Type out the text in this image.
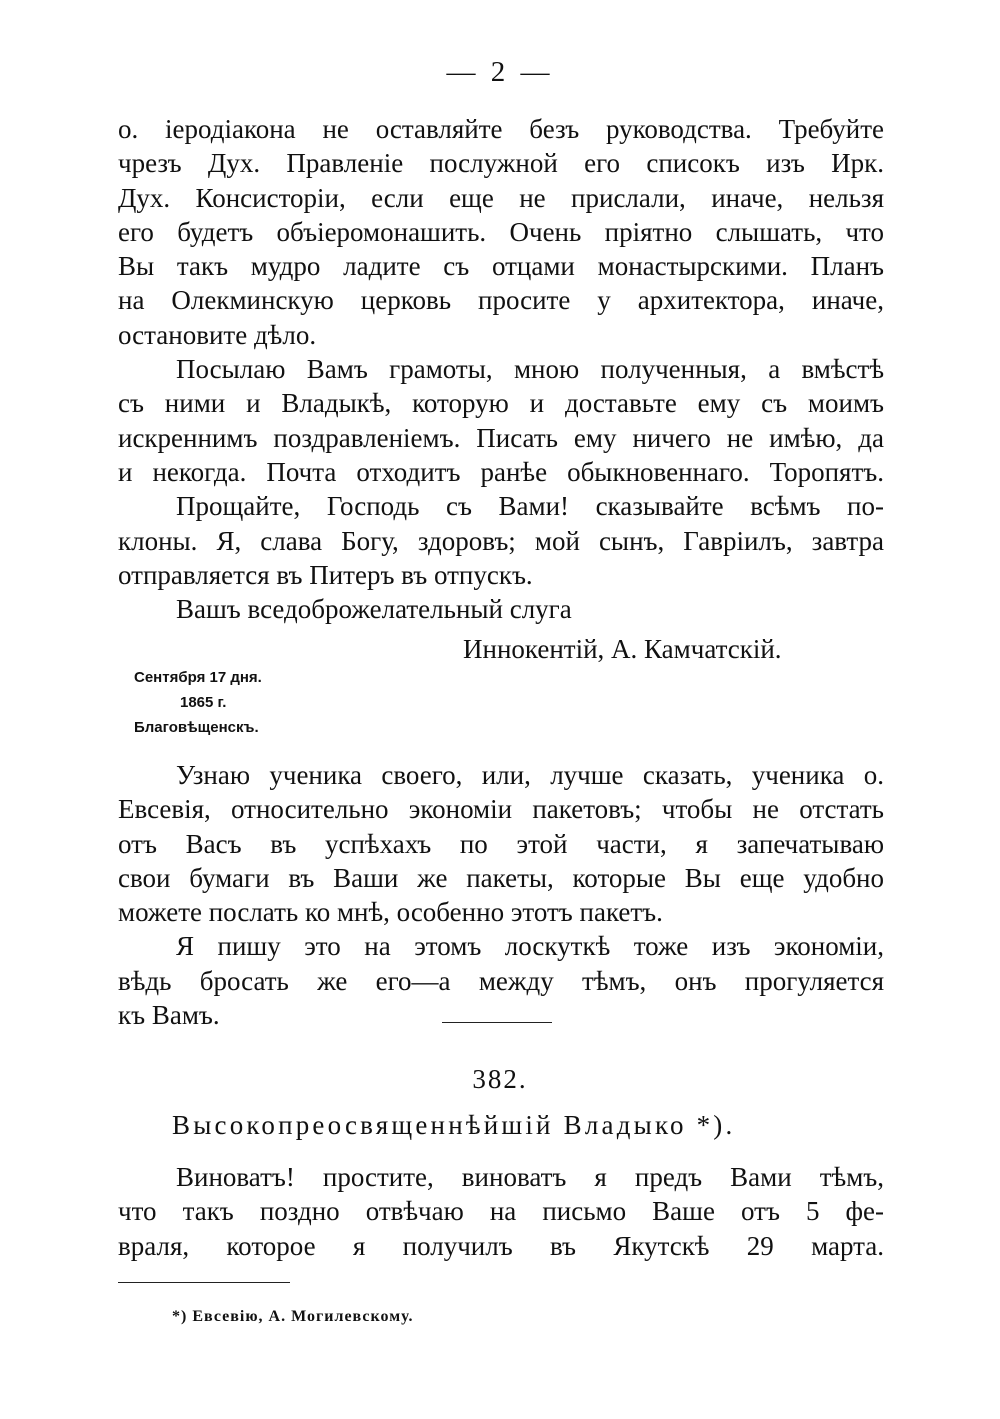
— 2 —
о. іеродіакона не оставляйте безъ руководства. Требуйте
чрезъ Дух. Правленіе послужной его списокъ изъ Ирк.
Дух. Консисторіи, если еще не прислали, иначе, нельзя
его будетъ объіеромонашить. Очень пріятно слышать, что
Вы такъ мудро ладите съ отцами монастырскими. Планъ
на Олекминскую церковь просите у архитектора, иначе,
остановите дѣло.
Посылаю Вамъ грамоты, мною полученныя, а вмѣстѣ
съ ними и Владыкѣ, которую и доставьте ему съ моимъ
искреннимъ поздравленіемъ. Писать ему ничего не имѣю, да
и некогда. Почта отходитъ ранѣе обыкновеннаго. Торопятъ.
Прощайте, Господь съ Вами! сказывайте всѣмъ по-
клоны. Я, слава Богу, здоровъ; мой сынъ, Гавріилъ, завтра
отправляется въ Питеръ въ отпускъ.
Вашъ вседоброжелательный слуга
Иннокентій, А. Камчатскій.
Сентября 17 дня.
1865 г.
Благовѣщенскъ.
Узнаю ученика своего, или, лучше сказать, ученика о.
Евсевія, относительно экономіи пакетовъ; чтобы не отстать
отъ Васъ въ успѣхахъ по этой части, я запечатываю
свои бумаги въ Ваши же пакеты, которые Вы еще удобно
можете послать ко мнѣ, особенно этотъ пакетъ.
Я пишу это на этомъ лоскуткѣ тоже изъ экономіи,
вѣдь бросать же его—а между тѣмъ, онъ прогуляется
къ Вамъ.
382.
Высокопреосвященнѣйшій Владыко *).
Виноватъ! простите, виноватъ я предъ Вами тѣмъ,
что такъ поздно отвѣчаю на письмо Ваше отъ 5 фе-
враля, которое я получилъ въ Якутскѣ 29 марта.
*) Евсевію, А. Могилевскому.
